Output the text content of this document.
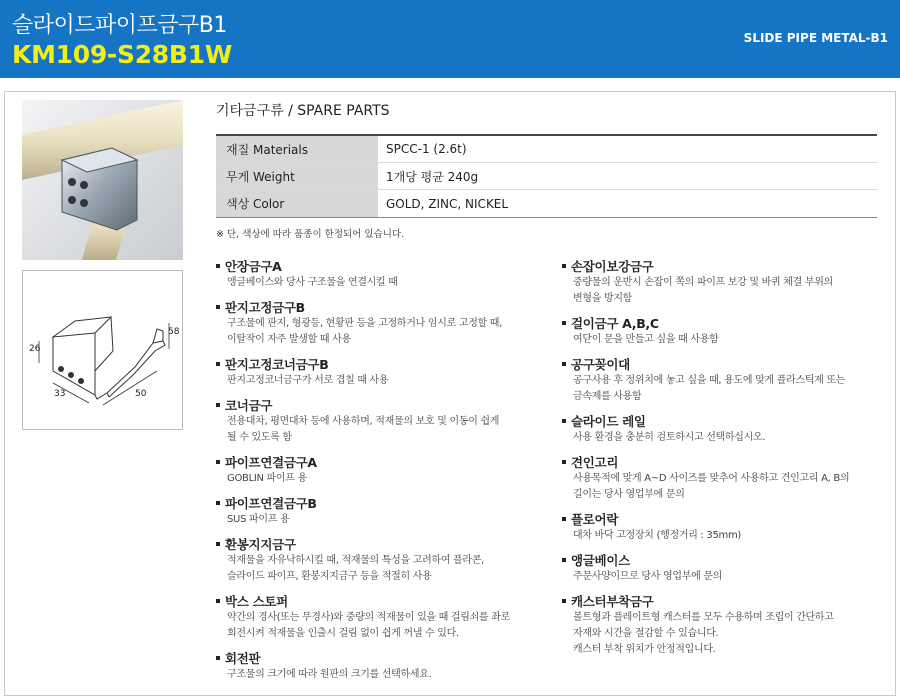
슬라이드파이프금구B1
KM109-S28B1W
SLIDE PIPE METAL-B1
58
26
33	50
기타금구류 / SPARE PARTS
재질 Materials	SPCC-1 (2.6t)
무게 Weight	1개당 평균 240g
색상 Color	GOLD, ZINC, NICKEL
※ 단, 색상에 따라 품종이 한정되어 있습니다.
안장금구A
앵글베이스와 당사 구조물을 연결시킬 때
판지고정금구B
구조물에 판지, 형광등, 현황판 등을 고정하거나 임시로 고정할 때,
이탈작이 자주 발생할 때 사용
판지고정코너금구B
판지고정코너금구가 서로 겹칠 때 사용
코너금구
전용대차, 평면대차 등에 사용하며, 적재물의 보호 및 이동이 쉽게
될 수 있도록 함
파이프연결금구A
GOBLIN 파이프 용
파이프연결금구B
SUS 파이프 용
환봉지지금구
적재물을 자유낙하시킬 때, 적재물의 특성을 고려하여 플라콘,
슬라이드 파이프, 환봉지지금구 등을 적절히 사용
박스 스토퍼
약간의 경사(또는 무경사)와 중량의 적재물이 있을 때 걸림쇠를 좌로
회전시켜 적재물을 인출시 걸림 없이 쉽게 꺼낼 수 있다.
회전판
구조물의 크기에 따라 원판의 크기를 선택하세요.
손잡이보강금구
중량물의 운반시 손잡이 쪽의 파이프 보강 및 바퀴 체결 부위의
변형을 방지함
걸이금구 A,B,C
여닫이 문을 만들고 싶을 때 사용함
공구꽂이대
공구사용 후 정위치에 놓고 싶을 때, 용도에 맞게 플라스틱제 또는
금속제를 사용함
슬라이드 레일
사용 환경을 충분히 검토하시고 선택하십시오.
견인고리
사용목적에 맞게 A~D 사이즈를 맞추어 사용하고 견인고리 A, B의
길이는 당사 영업부에 문의
플로어락
대차 바닥 고정장치 (행정거리 : 35mm)
앵글베이스
주문사양이므로 당사 영업부에 문의
캐스터부착금구
볼트형과 플레이트형 캐스터를 모두 수용하며 조립이 간단하고
자재와 시간을 절감할 수 있습니다.
캐스터 부착 위치가 안정적입니다.
